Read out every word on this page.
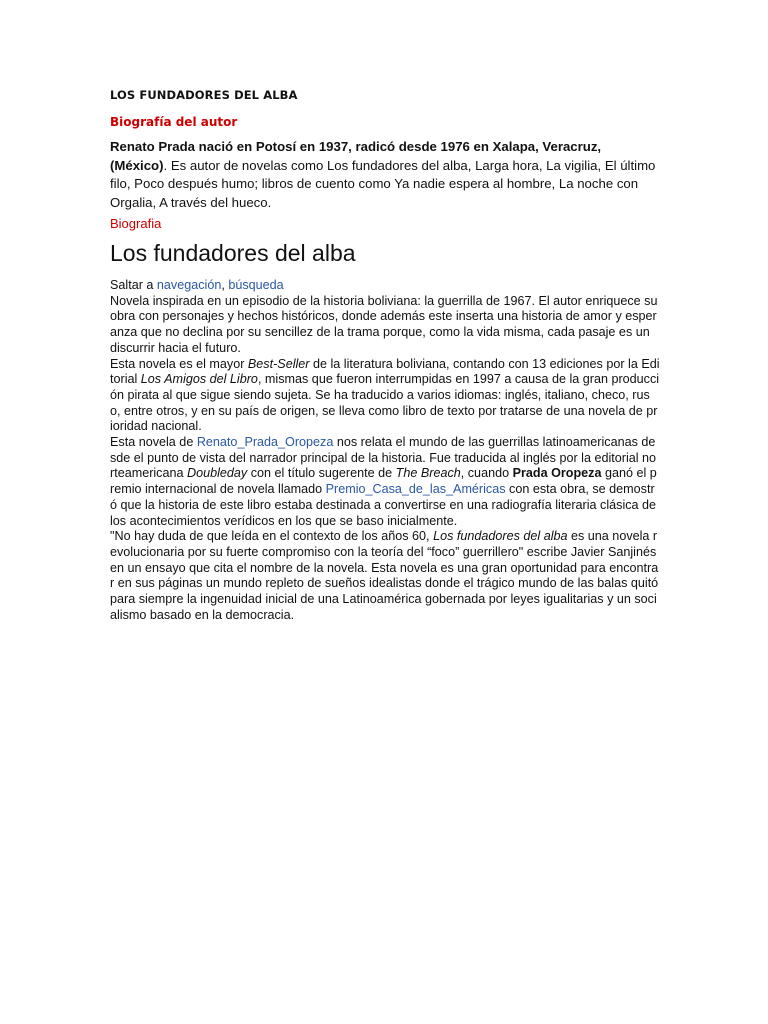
LOS FUNDADORES DEL ALBA
Biografía del autor
Renato Prada nació en Potosí en 1937, radicó desde 1976 en Xalapa, Veracruz, (México). Es autor de novelas como Los fundadores del alba, Larga hora, La vigilia, El último filo, Poco después humo; libros de cuento como Ya nadie espera al hombre, La noche con Orgalia, A través del hueco.
Biografia
Los fundadores del alba

Saltar a navegación, búsqueda

Novela inspirada en un episodio de la historia boliviana: la guerrilla de 1967. El autor enriquece su obra con personajes y hechos históricos, donde además este inserta una historia de amor y esperanza que no declina por su sencillez de la trama porque, como la vida misma, cada pasaje es un discurrir hacia el futuro.

Esta novela es el mayor Best-Seller de la literatura boliviana, contando con 13 ediciones por la Editorial Los Amigos del Libro, mismas que fueron interrumpidas en 1997 a causa de la gran producción pirata al que sigue siendo sujeta. Se ha traducido a varios idiomas: inglés, italiano, checo, ruso, entre otros, y en su país de origen, se lleva como libro de texto por tratarse de una novela de prioridad nacional.

Esta novela de Renato_Prada_Oropeza nos relata el mundo de las guerrillas latinoamericanas desde el punto de vista del narrador principal de la historia. Fue traducida al inglés por la editorial norteamericana Doubleday con el título sugerente de The Breach, cuando Prada Oropeza ganó el premio internacional de novela llamado Premio_Casa_de_las_Américas con esta obra, se demostró que la historia de este libro estaba destinada a convertirse en una radiografía literaria clásica de los acontecimientos verídicos en los que se baso inicialmente.

"No hay duda de que leída en el contexto de los años 60, Los fundadores del alba es una novela revolucionaria por su fuerte compromiso con la teoría del “foco” guerrillero" escribe Javier Sanjinés en un ensayo que cita el nombre de la novela. Esta novela es una gran oportunidad para encontrar en sus páginas un mundo repleto de sueños idealistas donde el trágico mundo de las balas quitó para siempre la ingenuidad inicial de una Latinoamérica gobernada por leyes igualitarias y un socialismo basado en la democracia.
